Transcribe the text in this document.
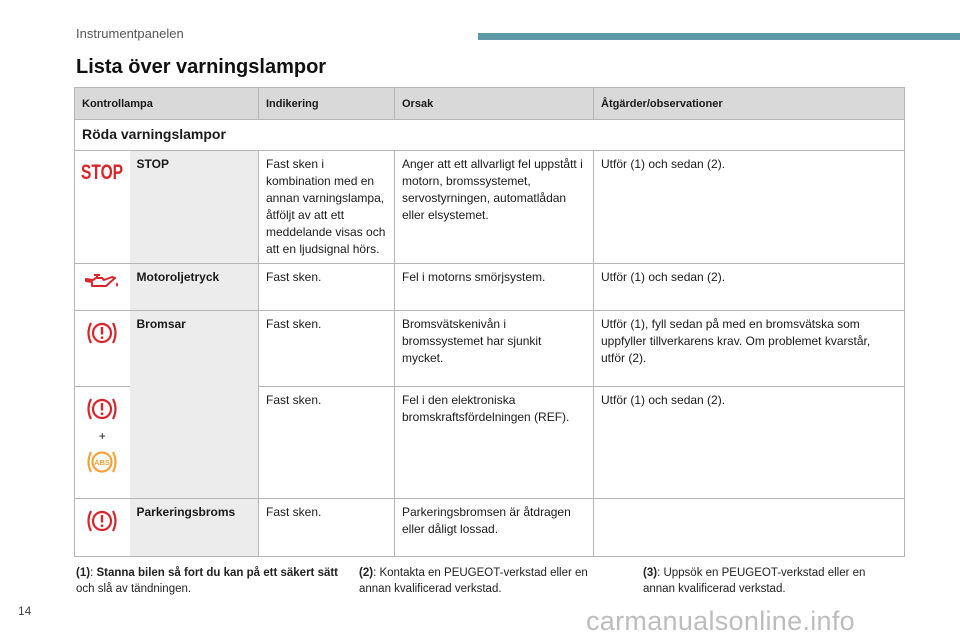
Instrumentpanelen
Lista över varningslampor
Kontrollampa		Indikering	Orsak	Åtgärder/observationer
Röda varningslampor				

STOP	STOP	Fast sken i kombination med en annan varningslampa, åtföljt av att ett meddelande visas och att en ljudsignal hörs.	Anger att ett allvarligt fel uppstått i motorn, bromssystemet, servostyrningen, automatlådan eller elsystemet.	Utför (1) och sedan (2).

	Motoroljetryck	Fast sken.	Fel i motorns smörjsystem.	Utför (1) och sedan (2).

	Bromsar	Fast sken.	Bromsvätskenivån i bromssystemet har sjunkit mycket.	Utför (1), fyll sedan på med en bromsvätska som uppfyller tillverkarens krav. Om problemet kvarstår, utför (2).

+
ABS		Fast sken.	Fel i den elektroniska bromskraftsfördelningen (REF).	Utför (1) och sedan (2).

	Parkeringsbroms	Fast sken.	Parkeringsbromsen är åtdragen eller dåligt lossad.	
(1): Stanna bilen så fort du kan på ett säkert sätt och slå av tändningen.
(2): Kontakta en PEUGEOT-verkstad eller en annan kvalificerad verkstad.
(3): Uppsök en PEUGEOT-verkstad eller en annan kvalificerad verkstad.
14	carmanualsonline.info
